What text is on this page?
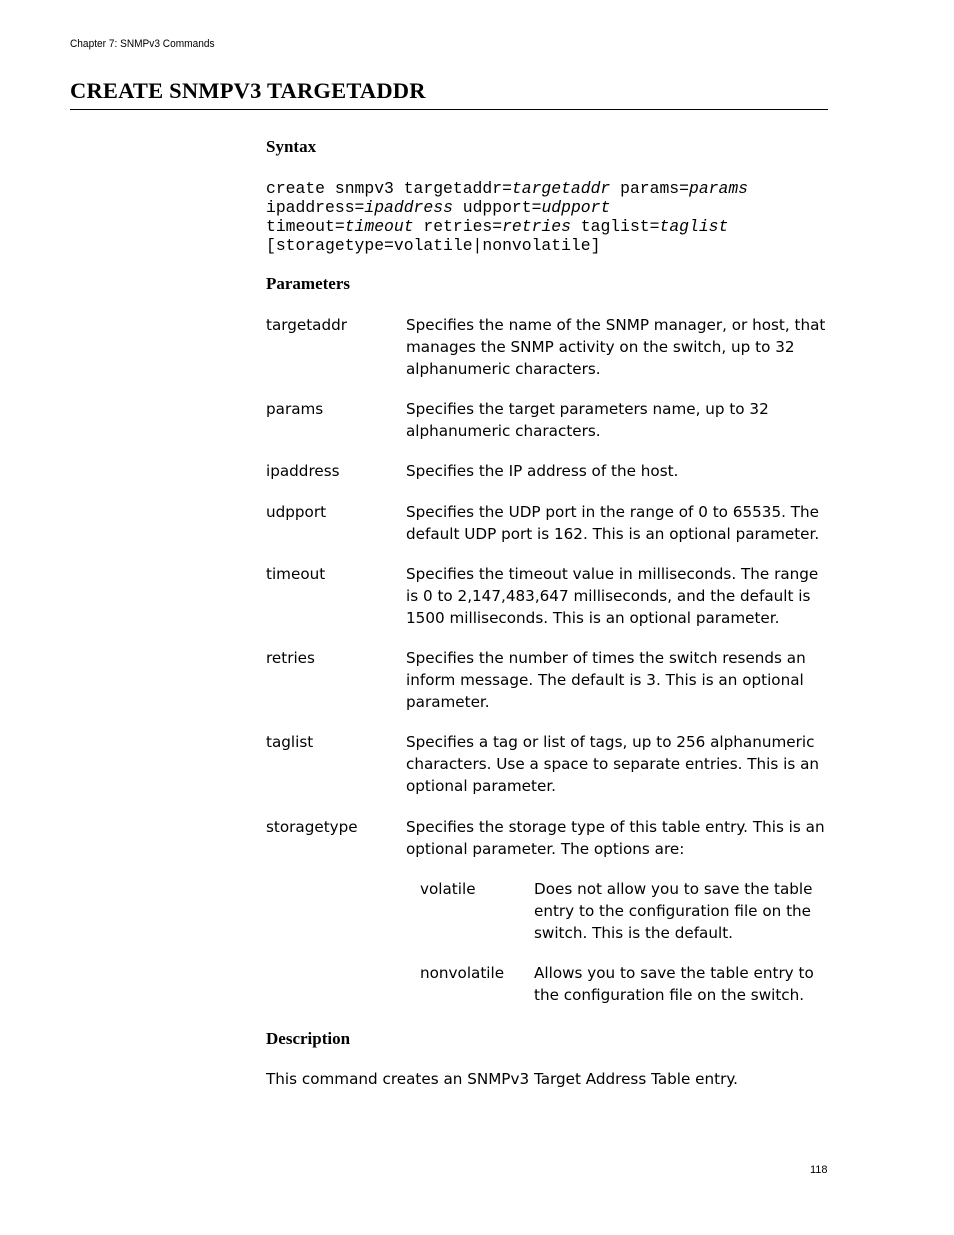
Chapter 7: SNMPv3 Commands
CREATE SNMPV3 TARGETADDR
Syntax
create snmpv3 targetaddr=targetaddr params=params
ipaddress=ipaddress udpport=udpport
timeout=timeout retries=retries taglist=taglist
[storagetype=volatile|nonvolatile]
Parameters
targetaddr	Specifies the name of the SNMP manager, or host, that manages the SNMP activity on the switch, up to 32 alphanumeric characters.
params	Specifies the target parameters name, up to 32 alphanumeric characters.
ipaddress	Specifies the IP address of the host.
udpport	Specifies the UDP port in the range of 0 to 65535. The default UDP port is 162. This is an optional parameter.
timeout	Specifies the timeout value in milliseconds. The range is 0 to 2,147,483,647 milliseconds, and the default is 1500 milliseconds. This is an optional parameter.
retries	Specifies the number of times the switch resends an inform message. The default is 3. This is an optional parameter.
taglist	Specifies a tag or list of tags, up to 256 alphanumeric characters. Use a space to separate entries. This is an optional parameter.
storagetype	Specifies the storage type of this table entry. This is an optional parameter. The options are:
volatile	Does not allow you to save the table entry to the configuration file on the switch. This is the default.
nonvolatile Allows you to save the table entry to the configuration file on the switch.
Description
This command creates an SNMPv3 Target Address Table entry.
118
